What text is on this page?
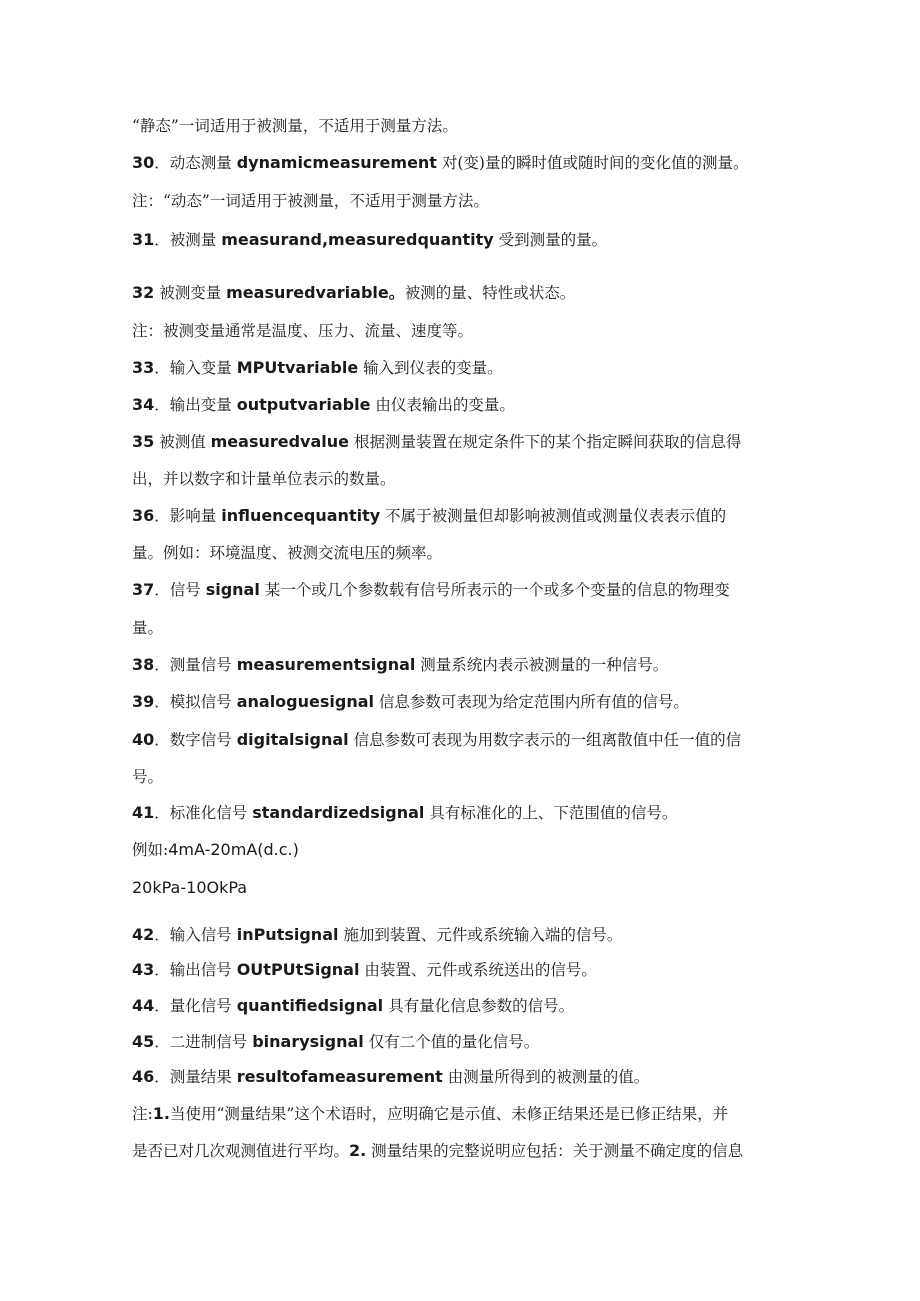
“静态”一词适用于被测量，不适用于测量方法。
30．动态测量 dynamicmeasurement 对(变)量的瞬时值或随时间的变化值的测量。
注：“动态”一词适用于被测量，不适用于测量方法。
31．被测量 measurand,measuredquantity 受到测量的量。
32 被测变量 measuredvariable。被测的量、特性或状态。
注：被测变量通常是温度、压力、流量、速度等。
33．输入变量 MPUtvariable 输入到仪表的变量。
34．输出变量 outputvariable 由仪表输出的变量。
35 被测值 measuredvalue 根据测量装置在规定条件下的某个指定瞬间获取的信息得
出，并以数字和计量单位表示的数量。
36．影响量 influencequantity 不属于被测量但却影响被测值或测量仪表表示值的
量。例如：环境温度、被测交流电压的频率。
37．信号 signal 某一个或几个参数载有信号所表示的一个或多个变量的信息的物理变
量。
38．测量信号 measurementsignal 测量系统内表示被测量的一种信号。
39．模拟信号 analoguesignal 信息参数可表现为给定范围内所有值的信号。
40．数字信号 digitalsignal 信息参数可表现为用数字表示的一组离散值中任一值的信
号。
41．标准化信号 standardizedsignal 具有标准化的上、下范围值的信号。
例如:4mA-20mA(d.c.)
20kPa-10OkPa
42．输入信号 inPutsignal 施加到装置、元件或系统输入端的信号。
43．输出信号 OUtPUtSignal 由装置、元件或系统送出的信号。
44．量化信号 quantifiedsignal 具有量化信息参数的信号。
45．二进制信号 binarysignal 仅有二个值的量化信号。
46．测量结果 resultofameasurement 由测量所得到的被测量的值。
注:1.当使用“测量结果”这个术语时，应明确它是示值、未修正结果还是已修正结果，并
是否已对几次观测值进行平均。2. 测量结果的完整说明应包括：关于测量不确定度的信息
